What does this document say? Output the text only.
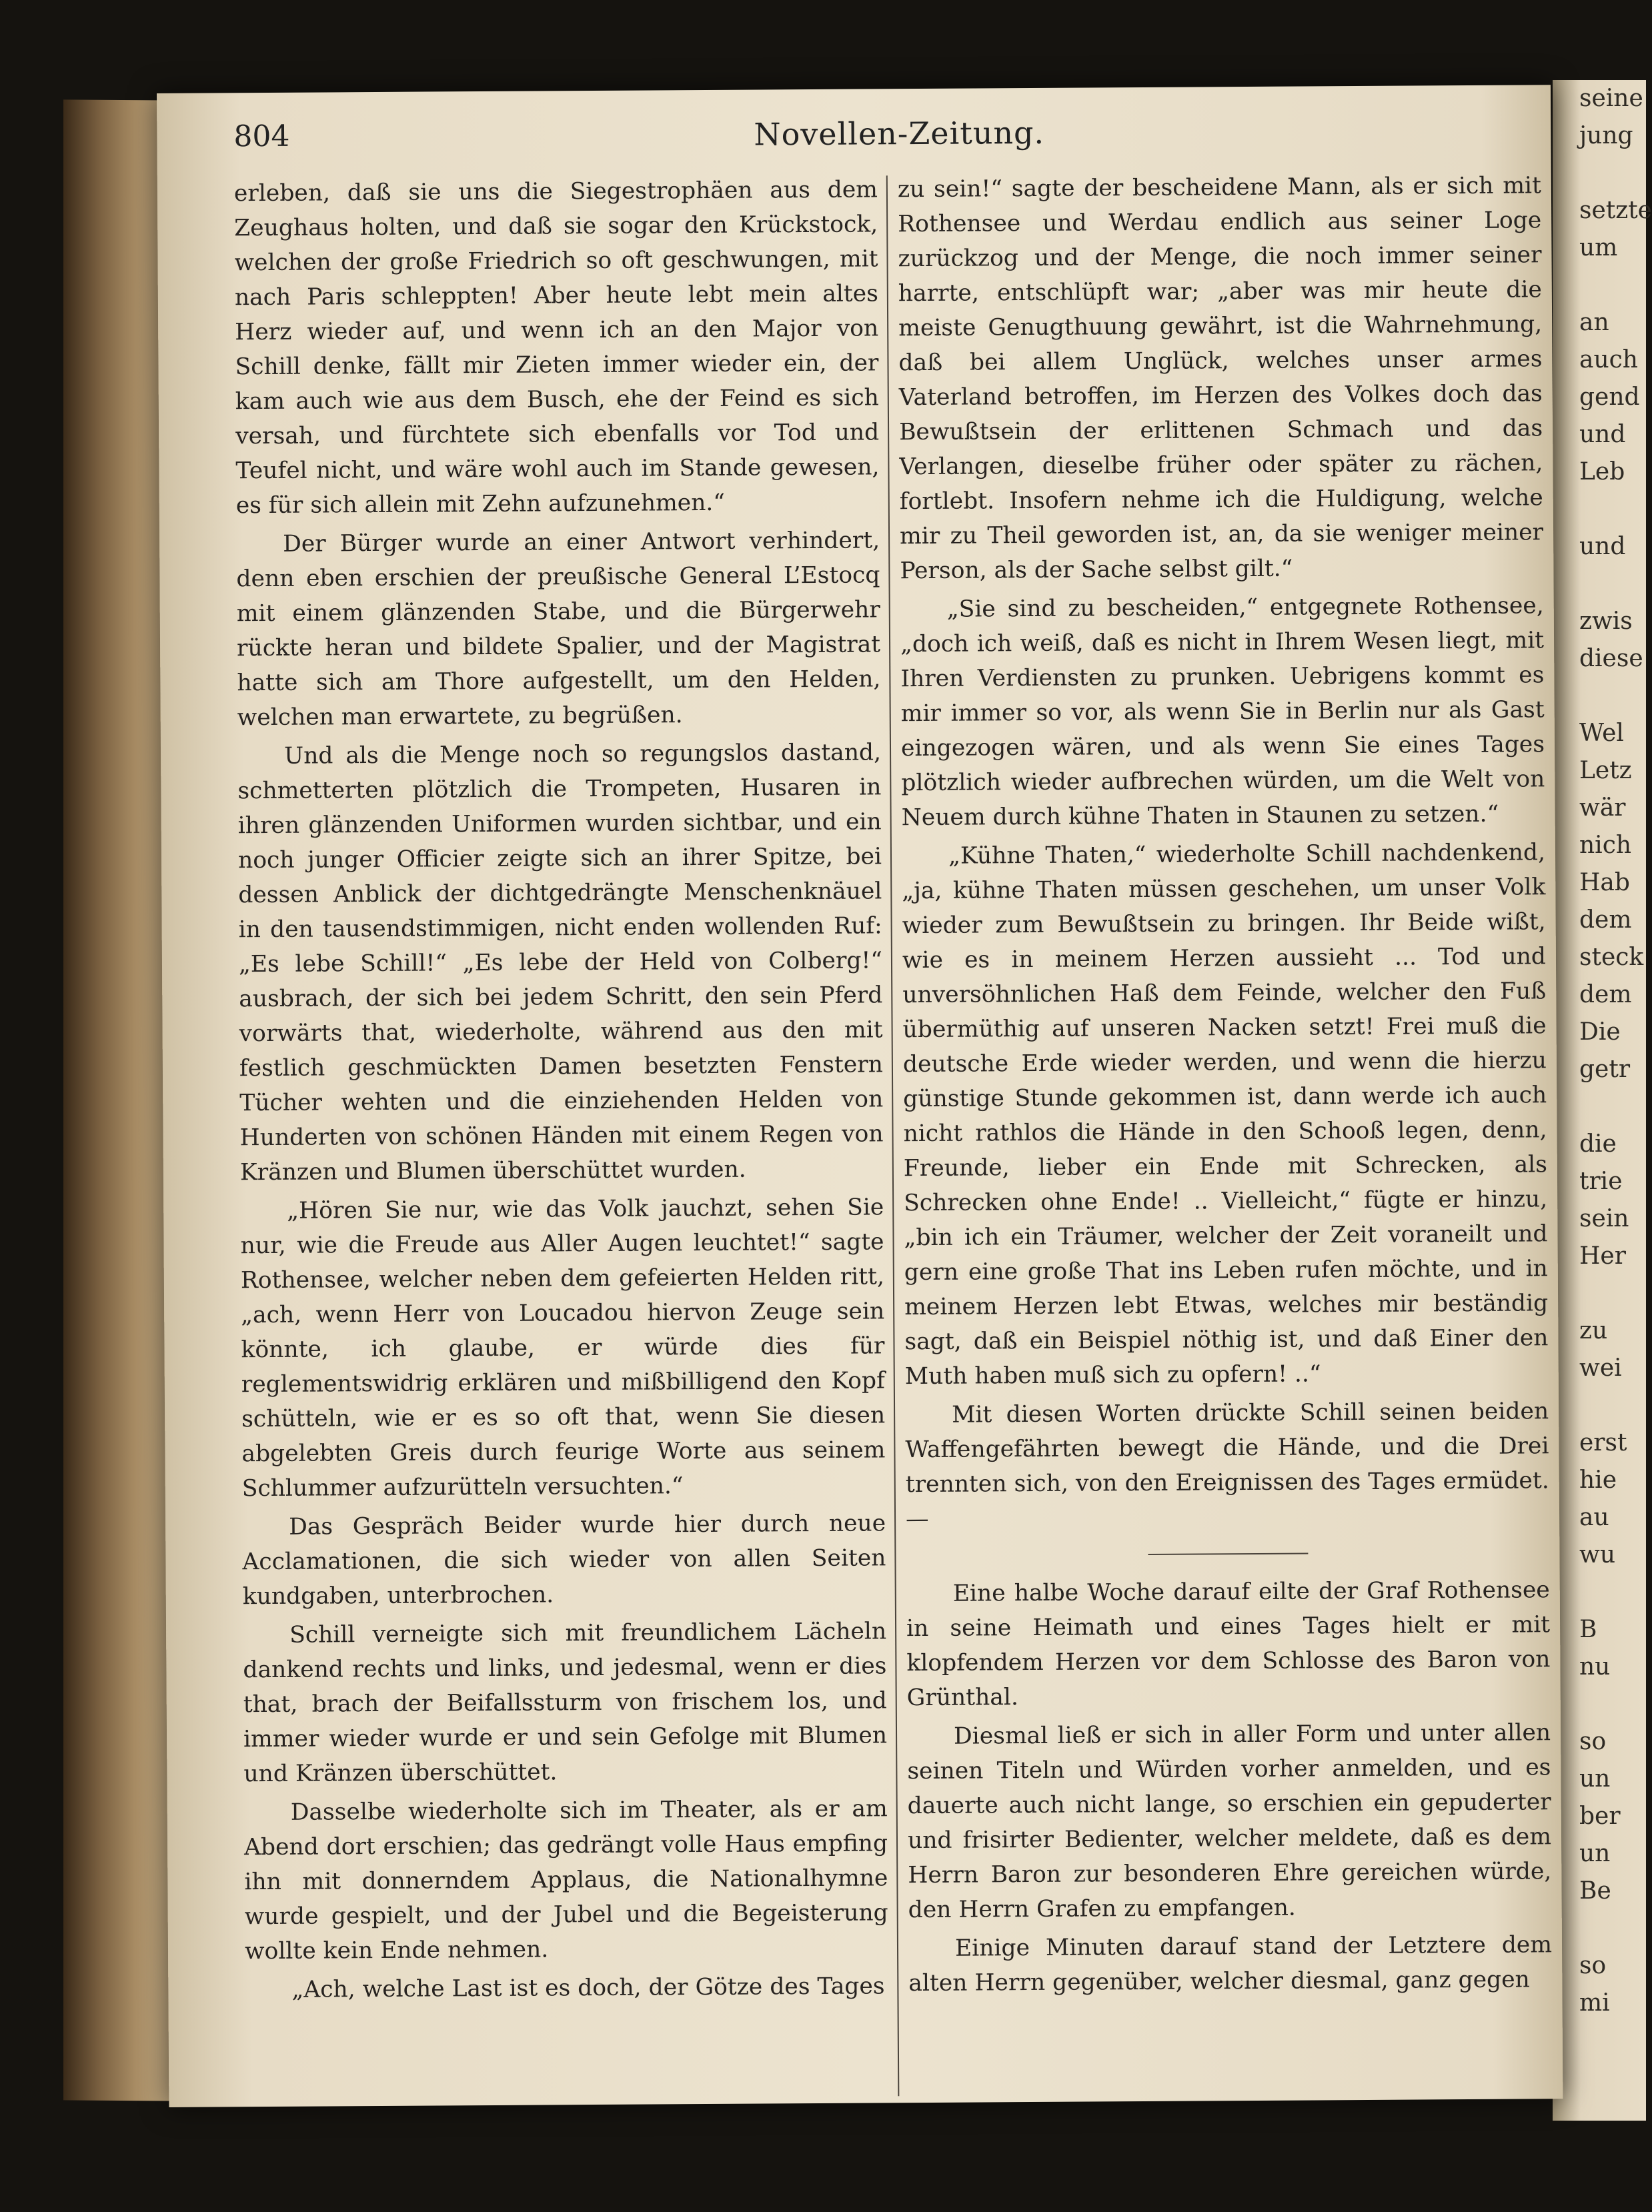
seine
jung

setzte
um

an
auch
gend
und
Leb

und

zwis
diese

Wel
Letz
wär
nich
Hab
dem
steck
dem
Die
getr

die
trie
sein
Her

zu
wei

erst
hie
au
wu

B
nu

so
un
ber
un
Be

so
mi
804	Novellen-Zeitung.

erleben, daß sie uns die Siegestrophäen aus dem Zeughaus holten, und daß sie sogar den Krückstock, welchen der große Friedrich so oft geschwungen, mit nach Paris schleppten! Aber heute lebt mein altes Herz wieder auf, und wenn ich an den Major von Schill denke, fällt mir Zieten immer wieder ein, der kam auch wie aus dem Busch, ehe der Feind es sich versah, und fürchtete sich ebenfalls vor Tod und Teufel nicht, und wäre wohl auch im Stande gewesen, es für sich allein mit Zehn aufzunehmen.“

Der Bürger wurde an einer Antwort verhindert, denn eben erschien der preußische General L’Estocq mit einem glänzenden Stabe, und die Bürgerwehr rückte heran und bildete Spalier, und der Magistrat hatte sich am Thore aufgestellt, um den Helden, welchen man erwartete, zu begrüßen.

Und als die Menge noch so regungslos dastand, schmetterten plötzlich die Trompeten, Husaren in ihren glänzenden Uniformen wurden sichtbar, und ein noch junger Officier zeigte sich an ihrer Spitze, bei dessen Anblick der dichtgedrängte Menschenknäuel in den tausendstimmigen, nicht enden wollenden Ruf: „Es lebe Schill!“ „Es lebe der Held von Colberg!“ ausbrach, der sich bei jedem Schritt, den sein Pferd vorwärts that, wiederholte, während aus den mit festlich geschmückten Damen besetzten Fenstern Tücher wehten und die einziehenden Helden von Hunderten von schönen Händen mit einem Regen von Kränzen und Blumen überschüttet wurden.

„Hören Sie nur, wie das Volk jauchzt, sehen Sie nur, wie die Freude aus Aller Augen leuchtet!“ sagte Rothensee, welcher neben dem gefeierten Helden ritt, „ach, wenn Herr von Loucadou hiervon Zeuge sein könnte, ich glaube, er würde dies für reglementswidrig erklären und mißbilligend den Kopf schütteln, wie er es so oft that, wenn Sie diesen abgelebten Greis durch feurige Worte aus seinem Schlummer aufzurütteln versuchten.“

Das Gespräch Beider wurde hier durch neue Acclamationen, die sich wieder von allen Seiten kundgaben, unterbrochen.

Schill verneigte sich mit freundlichem Lächeln dankend rechts und links, und jedesmal, wenn er dies that, brach der Beifallssturm von frischem los, und immer wieder wurde er und sein Gefolge mit Blumen und Kränzen überschüttet.

Dasselbe wiederholte sich im Theater, als er am Abend dort erschien; das gedrängt volle Haus empfing ihn mit donnerndem Applaus, die Nationalhymne wurde gespielt, und der Jubel und die Begeisterung wollte kein Ende nehmen.

„Ach, welche Last ist es doch, der Götze des Tages

zu sein!“ sagte der bescheidene Mann, als er sich mit Rothensee und Werdau endlich aus seiner Loge zurückzog und der Menge, die noch immer seiner harrte, entschlüpft war; „aber was mir heute die meiste Genugthuung gewährt, ist die Wahrnehmung, daß bei allem Unglück, welches unser armes Vaterland betroffen, im Herzen des Volkes doch das Bewußtsein der erlittenen Schmach und das Verlangen, dieselbe früher oder später zu rächen, fortlebt. Insofern nehme ich die Huldigung, welche mir zu Theil geworden ist, an, da sie weniger meiner Person, als der Sache selbst gilt.“

„Sie sind zu bescheiden,“ entgegnete Rothensee, „doch ich weiß, daß es nicht in Ihrem Wesen liegt, mit Ihren Verdiensten zu prunken. Uebrigens kommt es mir immer so vor, als wenn Sie in Berlin nur als Gast eingezogen wären, und als wenn Sie eines Tages plötzlich wieder aufbrechen würden, um die Welt von Neuem durch kühne Thaten in Staunen zu setzen.“

„Kühne Thaten,“ wiederholte Schill nachdenkend, „ja, kühne Thaten müssen geschehen, um unser Volk wieder zum Bewußtsein zu bringen. Ihr Beide wißt, wie es in meinem Herzen aussieht ... Tod und unversöhnlichen Haß dem Feinde, welcher den Fuß übermüthig auf unseren Nacken setzt! Frei muß die deutsche Erde wieder werden, und wenn die hierzu günstige Stunde gekommen ist, dann werde ich auch nicht rathlos die Hände in den Schooß legen, denn, Freunde, lieber ein Ende mit Schrecken, als Schrecken ohne Ende! .. Vielleicht,“ fügte er hinzu, „bin ich ein Träumer, welcher der Zeit voraneilt und gern eine große That ins Leben rufen möchte, und in meinem Herzen lebt Etwas, welches mir beständig sagt, daß ein Beispiel nöthig ist, und daß Einer den Muth haben muß sich zu opfern! ..“

Mit diesen Worten drückte Schill seinen beiden Waffengefährten bewegt die Hände, und die Drei trennten sich, von den Ereignissen des Tages ermüdet. —

Eine halbe Woche darauf eilte der Graf Rothensee in seine Heimath und eines Tages hielt er mit klopfendem Herzen vor dem Schlosse des Baron von Grünthal.

Diesmal ließ er sich in aller Form und unter allen seinen Titeln und Würden vorher anmelden, und es dauerte auch nicht lange, so erschien ein gepuderter und frisirter Bedienter, welcher meldete, daß es dem Herrn Baron zur besonderen Ehre gereichen würde, den Herrn Grafen zu empfangen.

Einige Minuten darauf stand der Letztere dem alten Herrn gegenüber, welcher diesmal, ganz gegen
